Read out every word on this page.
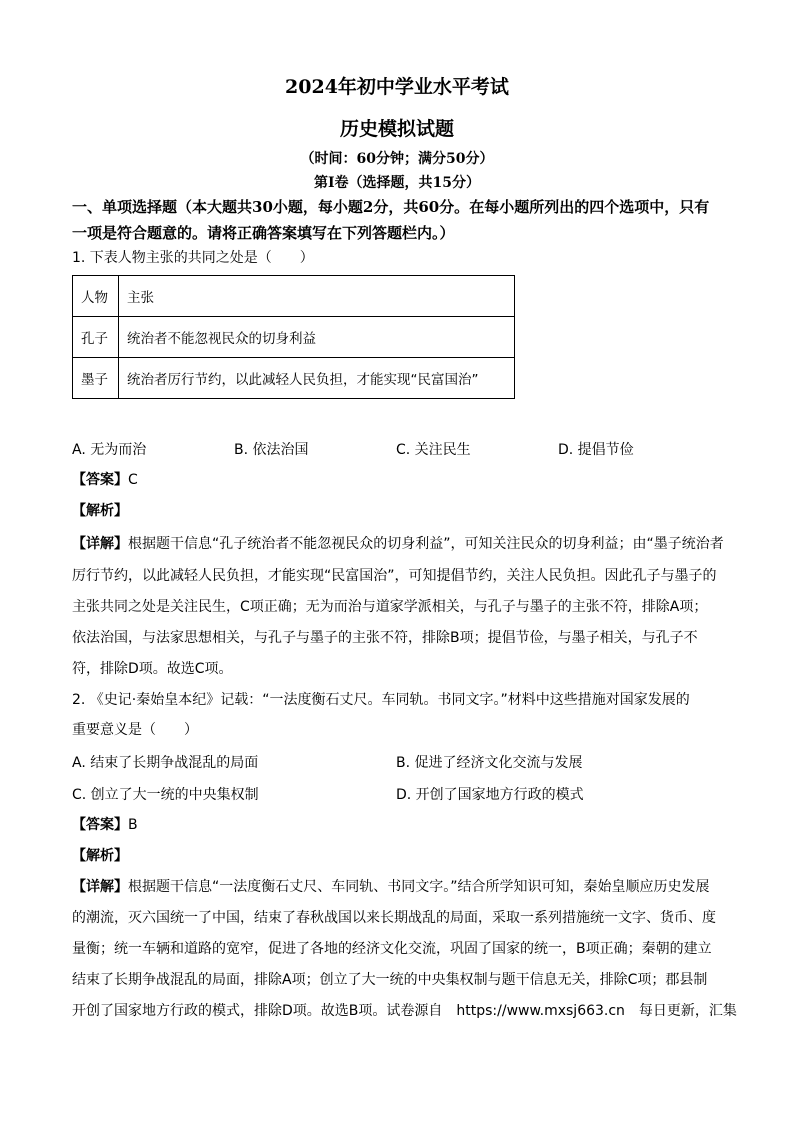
2024年初中学业水平考试
历史模拟试题
（时间：60分钟；满分50分）
第Ⅰ卷（选择题，共15分）
一、单项选择题（本大题共30小题，每小题2分，共60分。在每小题所列出的四个选项中，只有一项是符合题意的。请将正确答案填写在下列答题栏内。）
1. 下表人物主张的共同之处是（　　）
人物	主张
孔子	统治者不能忽视民众的切身利益
墨子	统治者厉行节约，以此减轻人民负担，才能实现“民富国治”
A. 无为而治	B. 依法治国	C. 关注民生	D. 提倡节俭
【答案】C
【解析】
【详解】根据题干信息“孔子统治者不能忽视民众的切身利益”，可知关注民众的切身利益；由“墨子统治者
厉行节约，以此减轻人民负担，才能实现“民富国治”，可知提倡节约，关注人民负担。因此孔子与墨子的
主张共同之处是关注民生，C项正确；无为而治与道家学派相关，与孔子与墨子的主张不符，排除A项；
依法治国，与法家思想相关，与孔子与墨子的主张不符，排除B项；提倡节俭，与墨子相关，与孔子不
符，排除D项。故选C项。
2. 《史记·秦始皇本纪》记载：“一法度衡石丈尺。车同轨。书同文字。”材料中这些措施对国家发展的
重要意义是（　　）
A. 结束了长期争战混乱的局面	B. 促进了经济文化交流与发展
C. 创立了大一统的中央集权制	D. 开创了国家地方行政的模式
【答案】B
【解析】
【详解】根据题干信息“一法度衡石丈尺、车同轨、书同文字。”结合所学知识可知，秦始皇顺应历史发展
的潮流，灭六国统一了中国，结束了春秋战国以来长期战乱的局面，采取一系列措施统一文字、货币、度
量衡；统一车辆和道路的宽窄，促进了各地的经济文化交流，巩固了国家的统一，B项正确；秦朝的建立
结束了长期争战混乱的局面，排除A项；创立了大一统的中央集权制与题干信息无关，排除C项；郡县制
开创了国家地方行政的模式，排除D项。故选B项。试卷源自　https://www.mxsj663.cn　每日更新，汇集
